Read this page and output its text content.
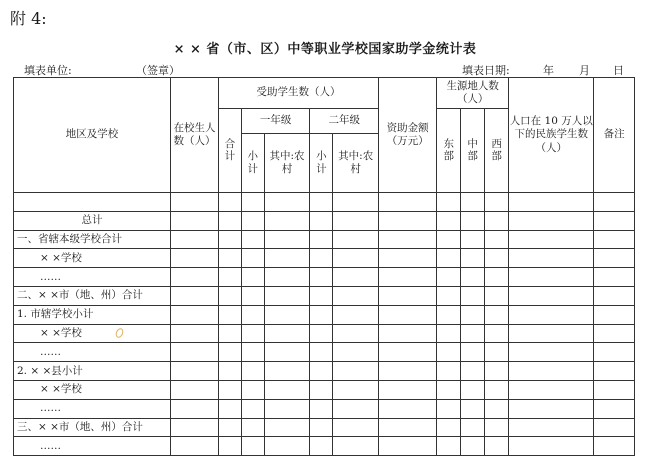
附 4:
× × 省（市、区）中等职业学校国家助学金统计表
填表单位:	（签章）	填表日期:	年 月 日
地区及学校	在校生人数（人）	受助学生数（人）					资助金额（万元）	生源地人数（人）			人口在 10 万人以下的民族学生数（人）	备注
		合计	一年级		二年级			东部	中部	西部		
			小计	其中:农村	小计	其中:农村						

总计												
一、省辖本级学校合计												
× ×学校												
……												
二、× ×市（地、州）合计												
1. 市辖学校小计												
× ×学校												
……												
2. × ×县小计												
× ×学校												
……												
三、× ×市（地、州）合计												
……												
